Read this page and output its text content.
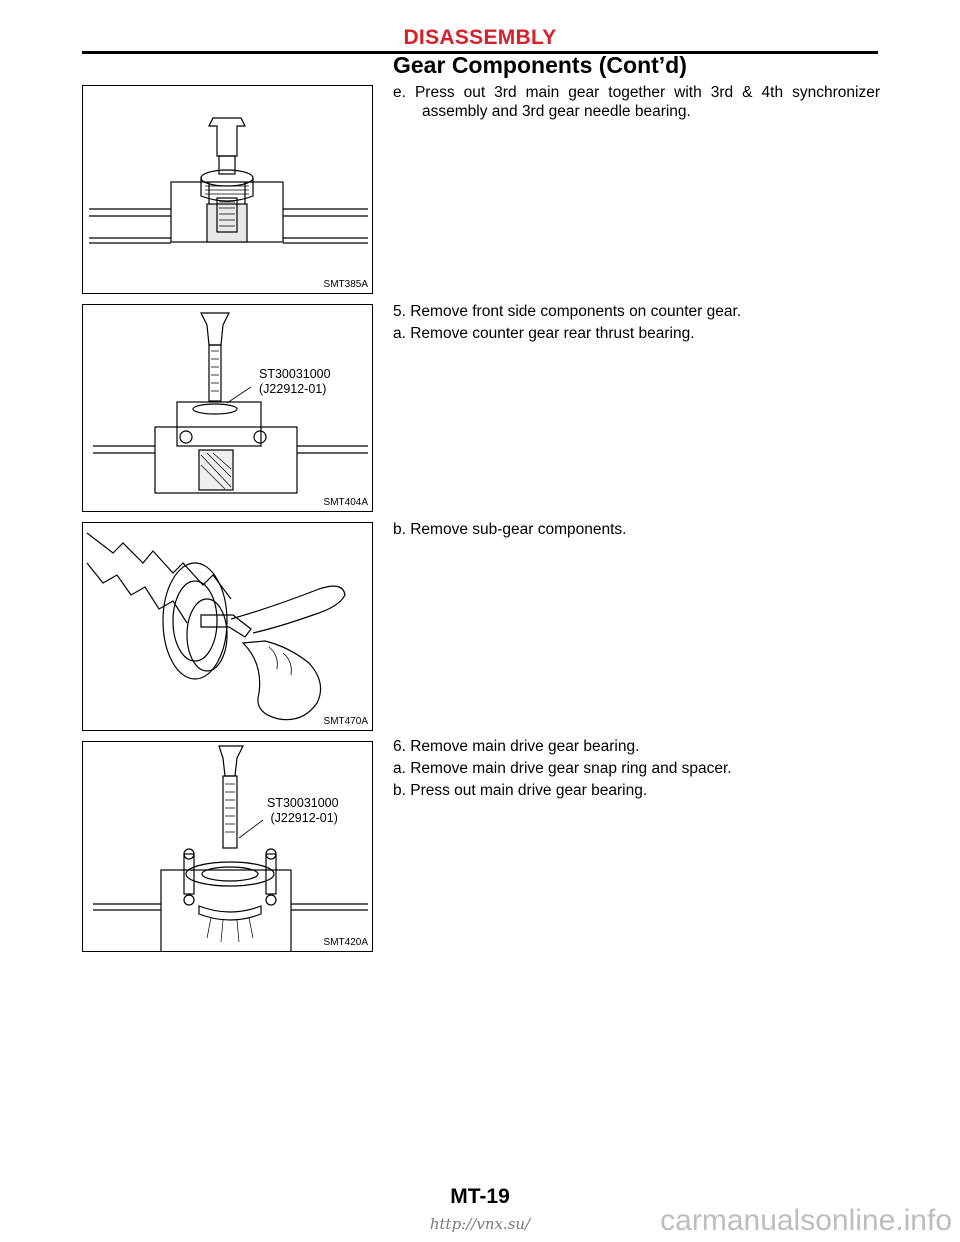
DISASSEMBLY
Gear Components (Cont’d)
SMT385A
ST30031000
(J22912-01)
SMT404A
SMT470A
ST30031000
(J22912-01)
SMT420A

e. Press out 3rd main gear together with 3rd & 4th synchronizer assembly and 3rd gear needle bearing.

5. Remove front side components on counter gear.

a. Remove counter gear rear thrust bearing.

b. Remove sub-gear components.

6. Remove main drive gear bearing.

a. Remove main drive gear snap ring and spacer.

b. Press out main drive gear bearing.

MT-19
http://vnx.su/	carmanualsonline.info
